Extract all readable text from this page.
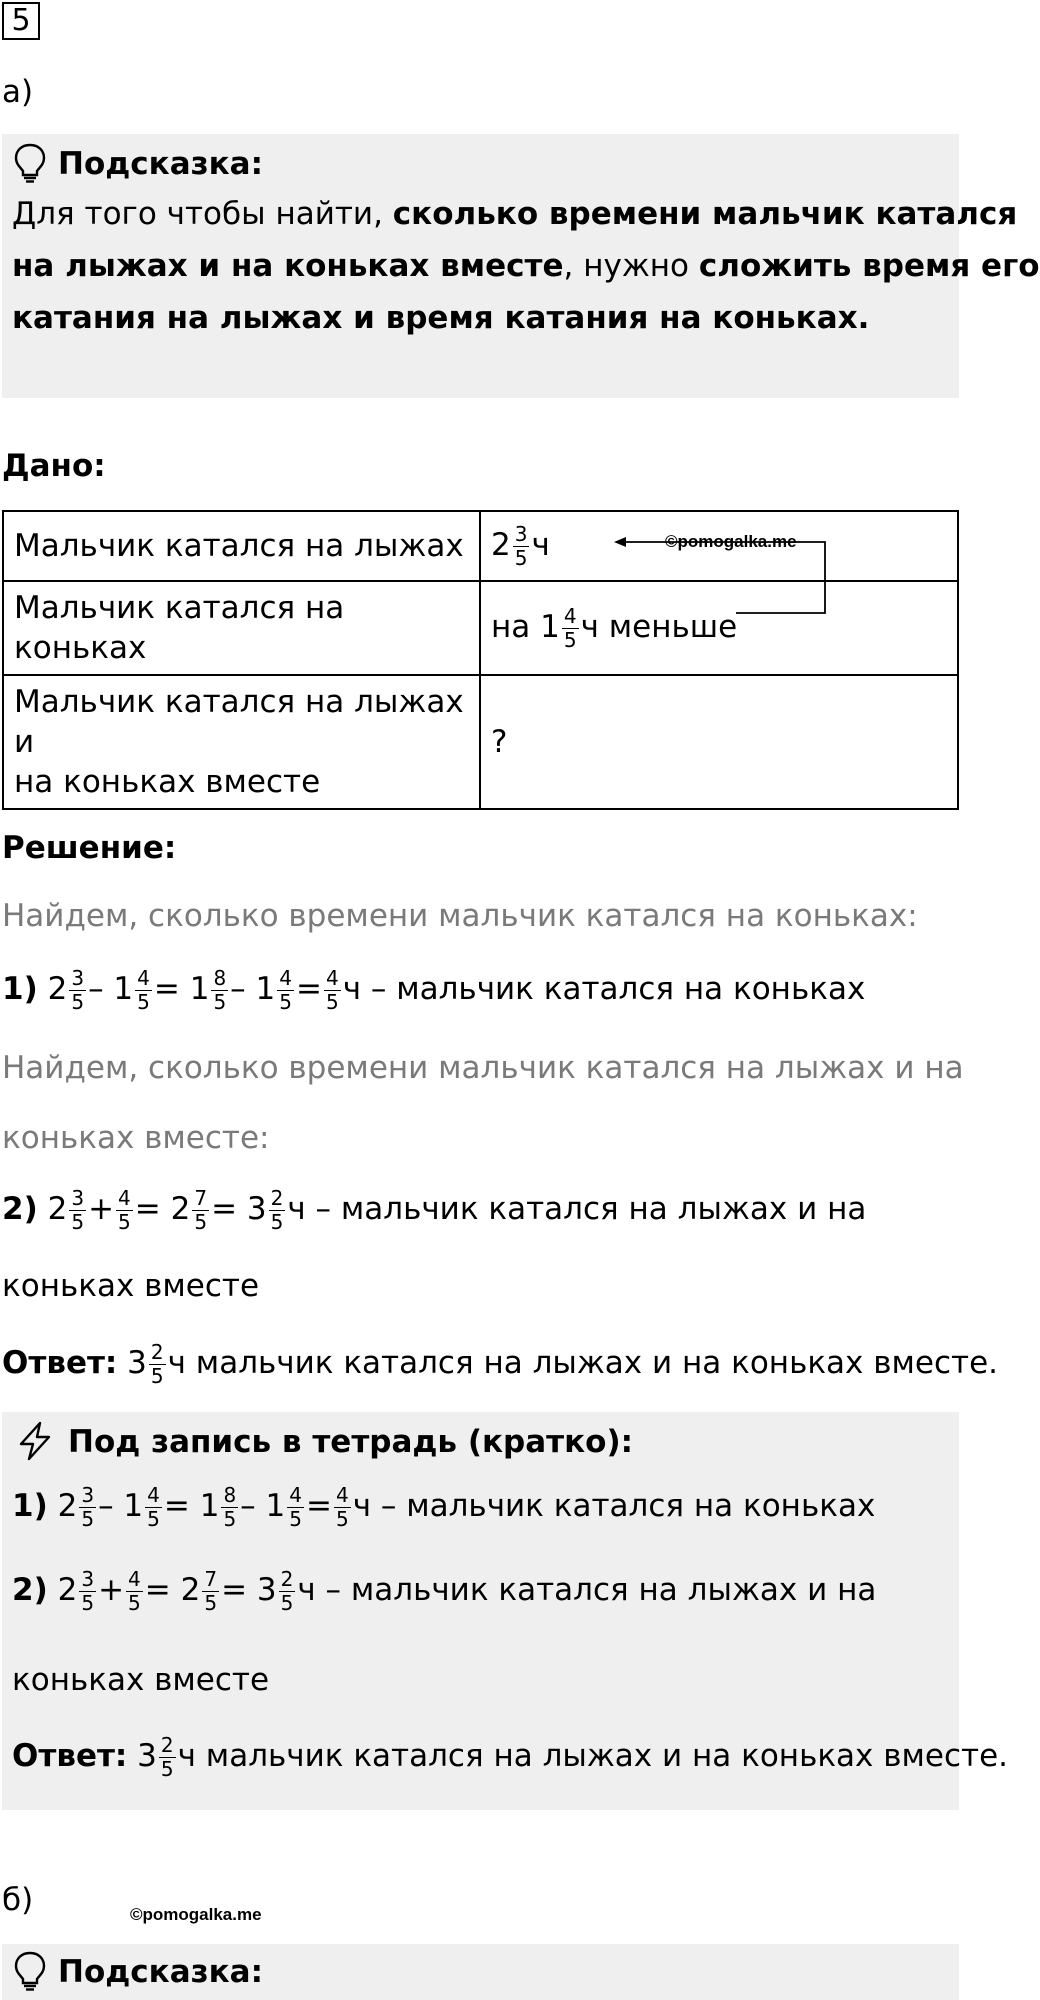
5
а)
Подсказка:
Для того чтобы найти, сколько времени мальчик катался
на лыжах и на коньках вместе, нужно сложить время его
катания на лыжах и время катания на коньках.
Дано:
Мальчик катался на лыжах	$2 \frac{3}{5}$ ч
Мальчик катался на коньках	на $1 \frac{4}{5}$ ч меньше
Мальчик катался на лыжах и
на коньках вместе	?
©pomogalka.me
Решение:
Найдем, сколько времени мальчик катался на коньках:
1) $2 \frac{3}{5} - 1 \frac{4}{5} = 1 \frac{8}{5} - 1 \frac{4}{5} = \frac{4}{5}$ ч – мальчик катался на коньках
Найдем, сколько времени мальчик катался на лыжах и на
коньках вместе:
2) $2 \frac{3}{5} + \frac{4}{5} = 2 \frac{7}{5} = 3 \frac{2}{5}$ ч – мальчик катался на лыжах и на
коньках вместе
Ответ: $3 \frac{2}{5}$ ч мальчик катался на лыжах и на коньках вместе.
Под запись в тетрадь (кратко):
1) $2 \frac{3}{5} - 1 \frac{4}{5} = 1 \frac{8}{5} - 1 \frac{4}{5} = \frac{4}{5}$ ч – мальчик катался на коньках
2) $2 \frac{3}{5} + \frac{4}{5} = 2 \frac{7}{5} = 3 \frac{2}{5}$ ч – мальчик катался на лыжах и на
коньках вместе
Ответ: $3 \frac{2}{5}$ ч мальчик катался на лыжах и на коньках вместе.
б)	©pomogalka.me
Подсказка:
